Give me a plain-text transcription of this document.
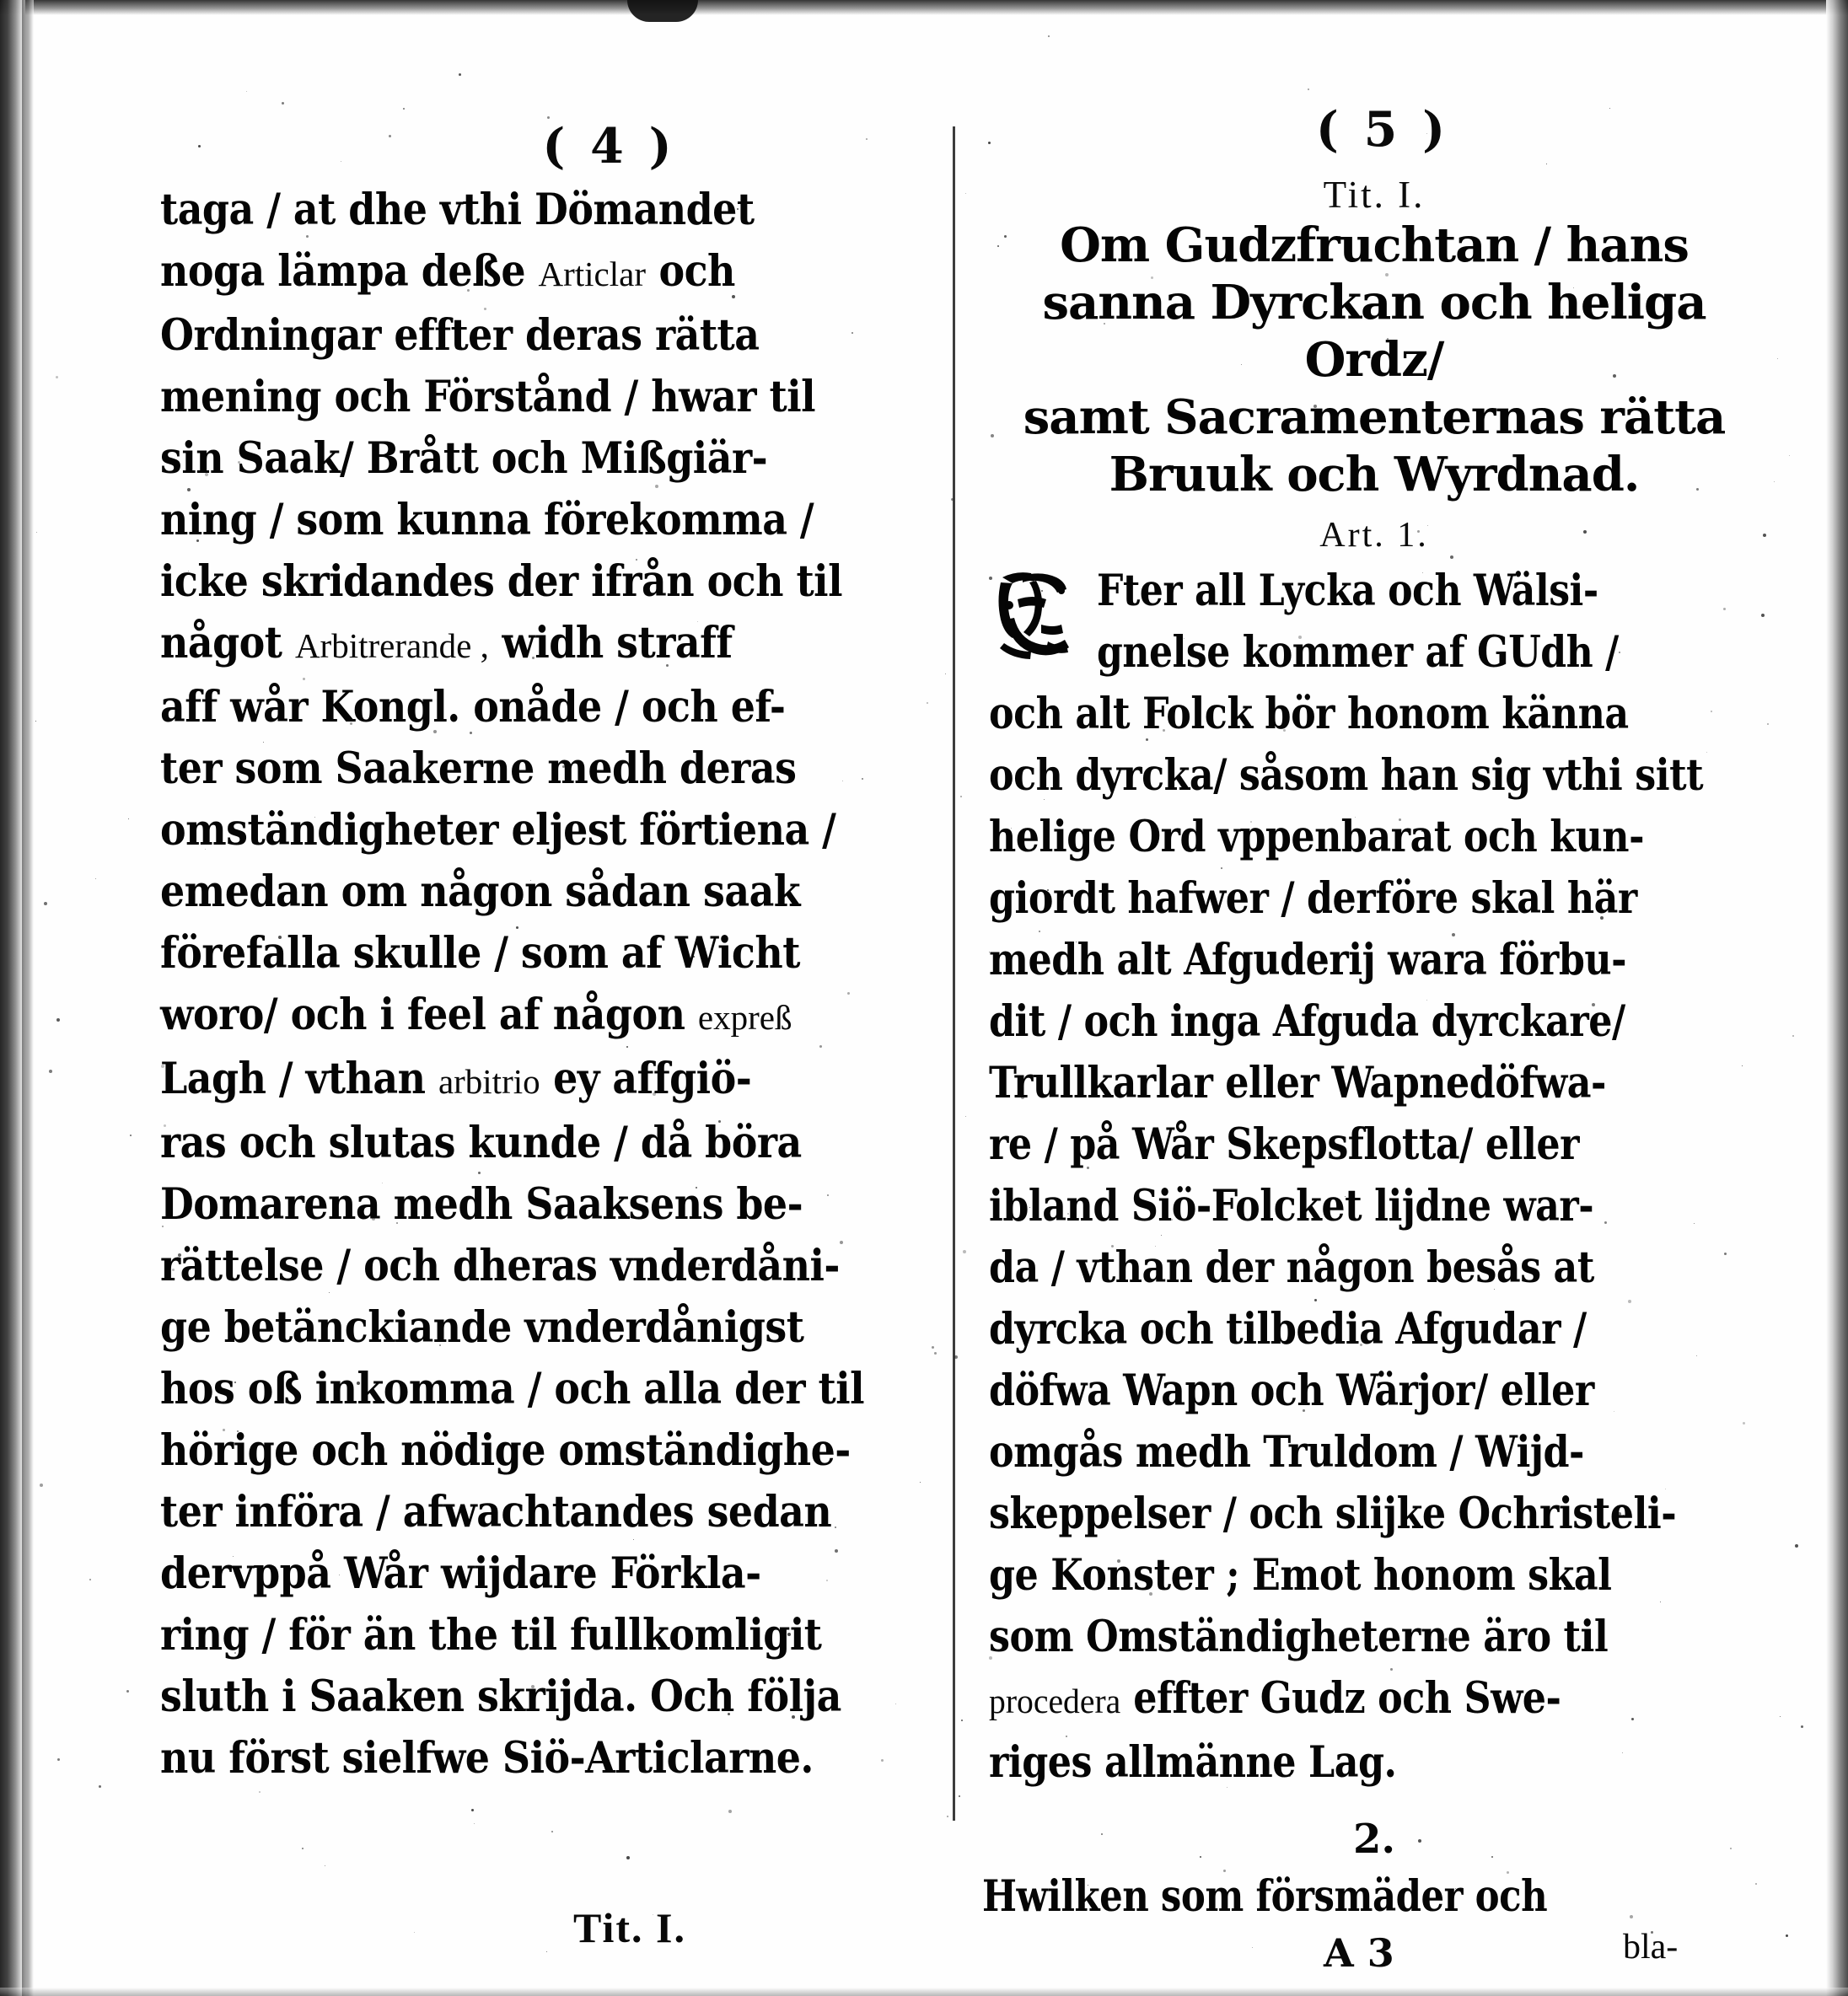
( 4 )
taga / at dhe vthi Dömandet
noga lämpa deße Articlar och
Ordningar effter deras rätta
mening och Förstånd / hwar til
sin Saak/ Brått och Mißgiär-
ning / som kunna förekomma /
icke skridandes der ifrån och til
något Arbitrerande , widh straff
aff wår Kongl. onåde / och ef-
ter som Saakerne medh deras
omständigheter eljest förtiena /
emedan om någon sådan saak
förefalla skulle / som af Wicht
woro/ och i feel af någon expreß
Lagh / vthan arbitrio ey affgiö-
ras och slutas kunde / då böra
Domarena medh Saaksens be-
rättelse / och dheras vnderdåni-
ge betänckiande vnderdånigst
hos oß inkomma / och alla der til
hörige och nödige omständighe-
ter införa / afwachtandes sedan
dervppå Wår wijdare Förkla-
ring / för än the til fullkomligit
sluth i Saaken skrijda. Och följa
nu först sielfwe Siö-Articlarne.
( 5 )
Tit. I.
Om Gudzfruchtan / hans
sanna Dyrckan och heliga Ordz/
samt Sacramenternas rätta
Bruuk och Wyrdnad.
Art. 1.
Fter all Lycka och Wälsi-
gnelse kommer af GUdh /
och alt Folck bör honom känna
och dyrcka/ såsom han sig vthi sitt
helige Ord vppenbarat och kun-
giordt hafwer / derföre skal här
medh alt Afguderij wara förbu-
dit / och inga Afguda dyrckare/
Trullkarlar eller Wapnedöfwa-
re / på Wår Skepsflotta/ eller
ibland Siö-Folcket lijdne war-
da / vthan der någon besås at
dyrcka och tilbedia Afgudar /
döfwa Wapn och Wärjor/ eller
omgås medh Truldom / Wijd-
skeppelser / och slijke Ochristeli-
ge Konster ; Emot honom skal
som Omständigheterne äro til
procedera effter Gudz och Swe-
riges allmänne Lag.
2.
Hwilken som försmäder och
Tit. I.
A 3	bla-
